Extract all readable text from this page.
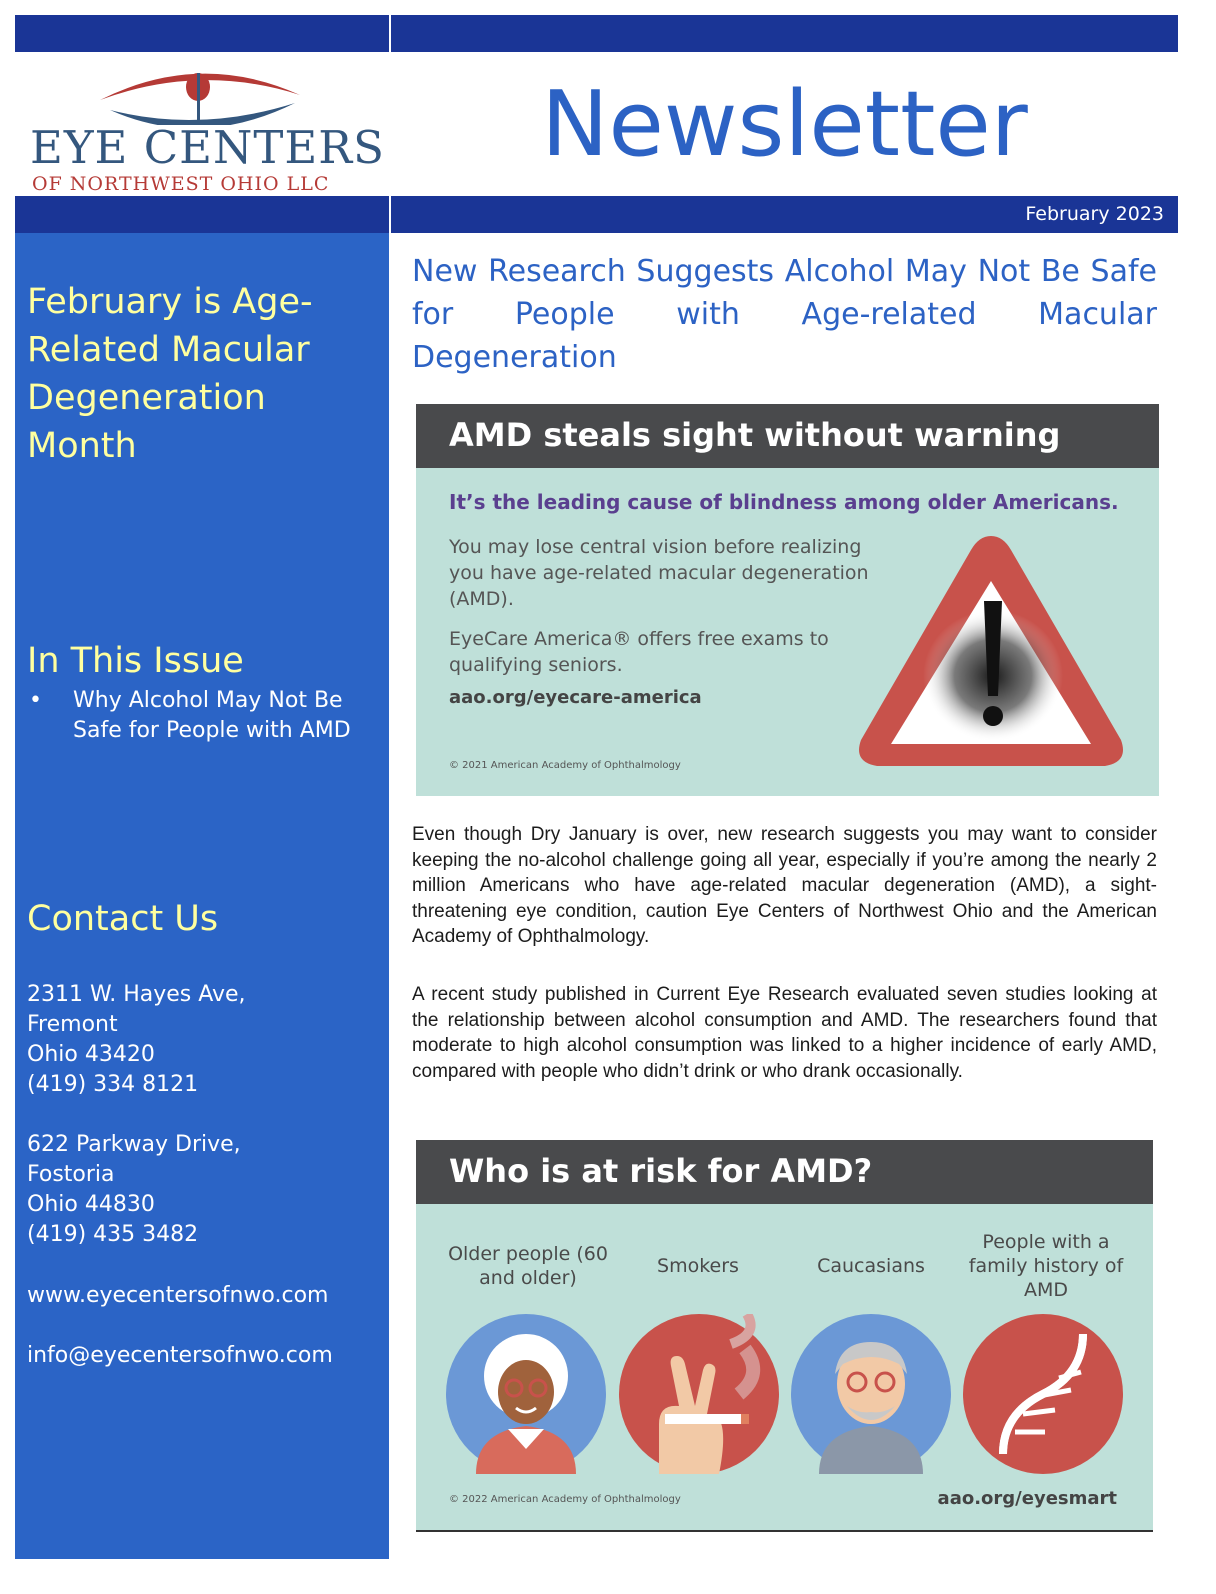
EYE CENTERS
OF NORTHWEST OHIO LLC
Newsletter
February 2023
February is Age-Related Macular Degeneration Month
In This Issue
• Why Alcohol May Not Be Safe for People with AMD
Contact Us
2311 W. Hayes Ave,
Fremont
Ohio 43420
(419) 334 8121
622 Parkway Drive,
Fostoria
Ohio 44830
(419) 435 3482
www.eyecentersofnwo.com
info@eyecentersofnwo.com
New Research Suggests Alcohol May Not Be Safe for People with Age-related Macular Degeneration
AMD steals sight without warning
It’s the leading cause of blindness among older Americans.
You may lose central vision before realizing you have age-related macular degeneration (AMD).
EyeCare America® offers free exams to qualifying seniors.
aao.org/eyecare-america
© 2021 American Academy of Ophthalmology
Even though Dry January is over, new research suggests you may want to consider keeping the no-alcohol challenge going all year, especially if you’re among the nearly 2 million Americans who have age-related macular degeneration (AMD), a sight-threatening eye condition, caution Eye Centers of Northwest Ohio and the American Academy of Ophthalmology.
A recent study published in Current Eye Research evaluated seven studies looking at the relationship between alcohol consumption and AMD. The researchers found that moderate to high alcohol consumption was linked to a higher incidence of early AMD, compared with people who didn’t drink or who drank occasionally.
Who is at risk for AMD?
Older people (60 and older)
Smokers	Caucasians
People with a family history of AMD
© 2022 American Academy of Ophthalmology	aao.org/eyesmart
